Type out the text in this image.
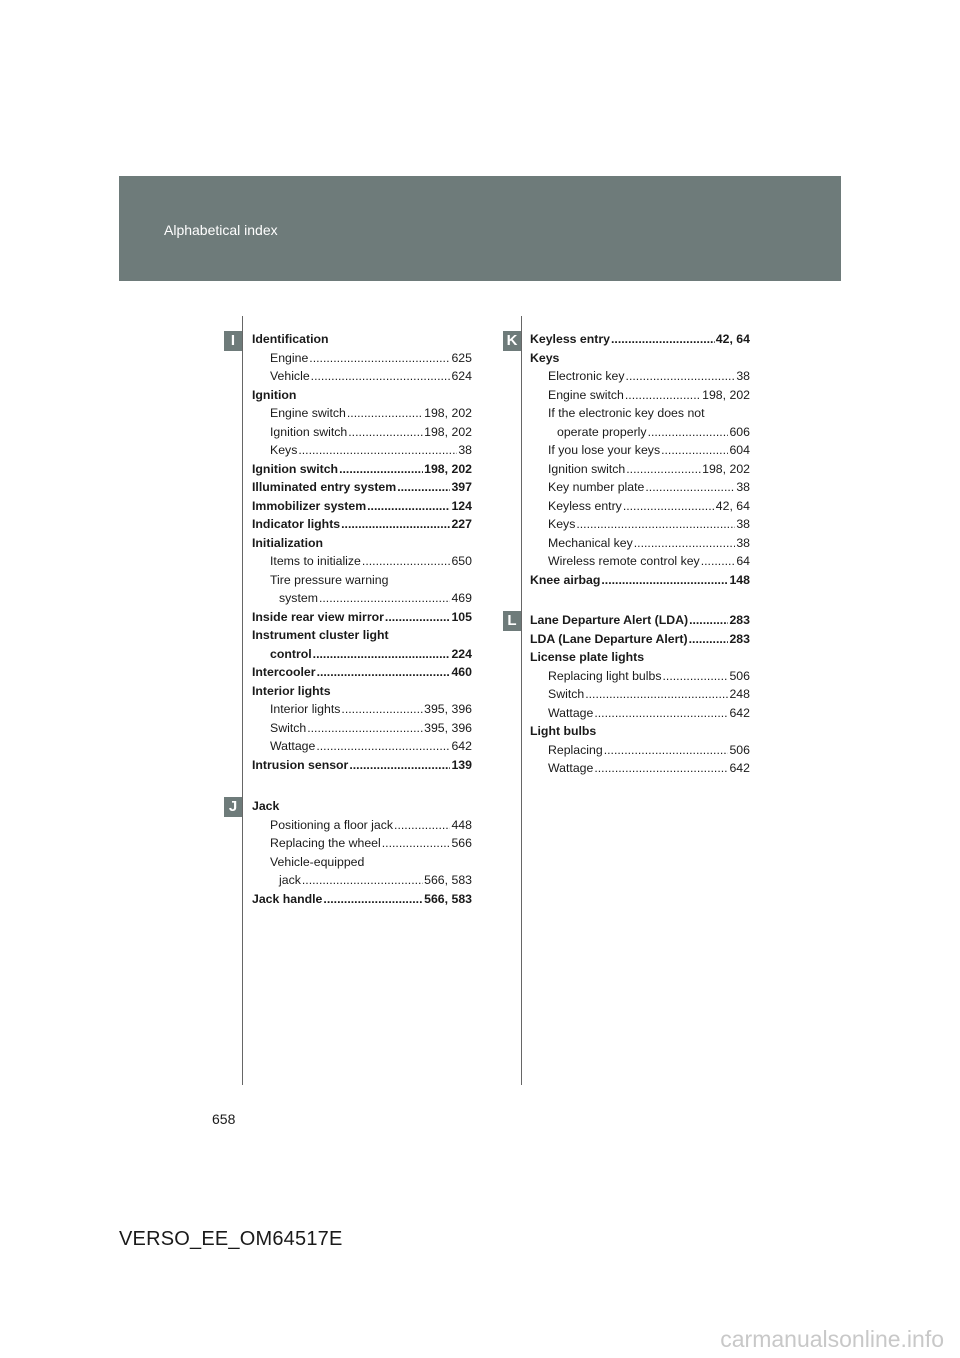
Alphabetical index
I
J
K
L
Identification
Engine .....	625
Vehicle .....	624
Ignition
Engine switch .....	198, 202
Ignition switch .....	198, 202
Keys .....	38
Ignition switch .....	198, 202
Illuminated entry system .....	397
Immobilizer system .....	124
Indicator lights .....	227
Initialization
Items to initialize .....	650
Tire pressure warning
system .....	469
Inside rear view mirror .....	105
Instrument cluster light
control .....	224
Intercooler .....	460
Interior lights
Interior lights .....	395, 396
Switch .....	395, 396
Wattage .....	642
Intrusion sensor .....	139
Jack
Positioning a floor jack .....	448
Replacing the wheel .....	566
Vehicle-equipped
jack .....	566, 583
Jack handle .....	566, 583
Keyless entry .....	42, 64
Keys
Electronic key .....	38
Engine switch .....	198, 202
If the electronic key does not
operate properly .....	606
If you lose your keys .....	604
Ignition switch .....	198, 202
Key number plate .....	38
Keyless entry .....	42, 64
Keys .....	38
Mechanical key .....	38
Wireless remote control key .....	64
Knee airbag .....	148
Lane Departure Alert (LDA) .....	283
LDA (Lane Departure Alert) .....	283
License plate lights
Replacing light bulbs .....	506
Switch .....	248
Wattage .....	642
Light bulbs
Replacing .....	506
Wattage .....	642
658
VERSO_EE_OM64517E
carmanualsonline.info
